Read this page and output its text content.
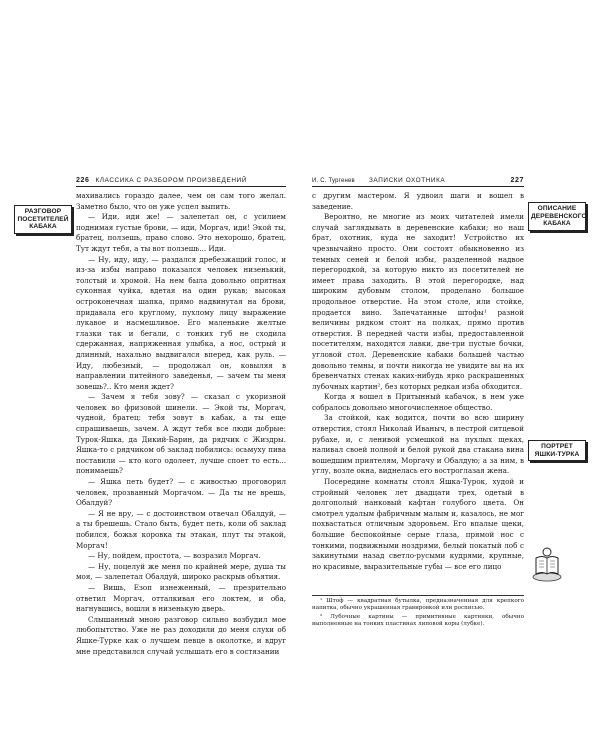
226 КЛАССИКА С РАЗБОРОМ ПРОИЗВЕДЕНИЙ
РАЗГОВОР ПОСЕТИТЕЛЕЙ КАБАКА

махивались гораздо далее, чем он сам того желал. Заметно было, что он уже успел выпить.

— Иди, иди же! — залепетал он, с усилием поднимая густые брови, — иди, Моргач, иди! Экой ты, братец, ползешь, право слово. Это нехорошо, братец. Тут ждут тебя, а ты вот ползешь... Иди.

— Ну, иду, иду, — раздался дребезжащий голос, и из-за избы направо показался человек низенький, толстый и хромой. На нем была довольно опрятная суконная чуйка, вдетая на один рукав; высокая остроконечная шапка, прямо надвинутая на брови, придавала его круглому, пухлому лицу выражение лукавое и насмешливое. Его маленькие желтые глазки так и бегали, с тонких губ не сходила сдержанная, напряженная улыбка, а нос, острый и длинный, нахально выдвигался вперед, как руль. — Иду, любезный, — продолжал он, ковыляя в направлении питейного заведенья, — зачем ты меня зовешь?.. Кто меня ждет?

— Зачем я тебя зову? — сказал с укоризной человек во фризовой шинели. — Экой ты, Моргач, чудной, братец: тебя зовут в кабак, а ты еще спрашиваешь, зачем. А ждут тебя все люди добрые: Турок-Яшка, да Дикий-Барин, да рядчик с Жиздры. Яшка-то с рядчиком об заклад побились: осьмуху пива поставили — кто кого одолеет, лучше споет то есть... понимаешь?

— Яшка петь будет? — с живостью проговорил человек, прозванный Моргачом. — Да ты не врешь, Обалдуй?

— Я не вру, — с достоинством отвечал Обалдуй, — а ты брешешь. Стало быть, будет петь, коли об заклад побился, божья коровка ты этакая, плут ты этакой, Моргач!

— Ну, пойдем, простота, — возразил Моргач.

— Ну, поцелуй же меня по крайней мере, душа ты моя, — залепетал Обалдуй, широко раскрыв объятия.

— Вишь, Езоп изнеженный, — презрительно ответил Моргач, отталкивая его локтем, и оба, нагнувшись, вошли в низенькую дверь.

Слышанный мною разговор сильно возбудил мое любопытство. Уже не раз доходили до меня слухи об Яшке-Турке как о лучшем певце в околотке, и вдруг мне представился случай услышать его в состязании

И. С. Тургенев	ЗАПИСКИ ОХОТНИКА	227

с другим мастером. Я удвоил шаги и вошел в заведение.

Вероятно, не многие из моих читателей имели случай заглядывать в деревенские кабаки; но наш брат, охотник, куда не заходит! Устройство их чрезвычайно просто. Они состоят обыкновенно из темных сеней и белой избы, разделенной надвое перегородкой, за которую никто из посетителей не имеет права заходить. В этой перегородке, над широким дубовым столом, проделано большое продольное отверстие. На этом столе, или стойке, продается вино. Запечатанные штофы¹ разной величины рядком стоят на полках, прямо против отверстия. В передней части избы, предоставленной посетителям, находятся лавки, две-три пустые бочки, угловой стол. Деревенские кабаки большей частью довольно темны, и почти никогда не увидите вы на их бревенчатых стенах каких-нибудь ярко раскрашенных лубочных картин², без которых редкая изба обходится.

Когда я вошел в Притынный кабачок, в нем уже собралось довольно многочисленное общество.

За стойкой, как водится, почти во всю ширину отверстия, стоял Николай Иваныч, в пестрой ситцевой рубахе, и, с ленивой усмешкой на пухлых щеках, наливал своей полной и белой рукой два стакана вина вошедшим приятелям, Моргачу и Обалдую; а за ним, в углу, возле окна, виднелась его востроглазая жена.

Посередине комнаты стоял Яшка-Турок, худой и стройный человек лет двадцати трех, одетый в долгополый нанковый кафтан голубого цвета. Он смотрел удалым фабричным малым и, казалось, не мог похвастаться отличным здоровьем. Его впалые щеки, большие беспокойные серые глаза, прямой нос с тонкими, подвижными ноздрями, белый покатый лоб с закинутыми назад светло-русыми кудрями, крупные, но красивые, выразительные губы — все его лицо

¹ Штоф — квадратная бутылка, предназначенная для крепкого напитка, обычно украшенная гравировкой или росписью.

² Лубочные картины — примитивные картинки, обычно выполненные на тонких пластинах липовой коры (лубке).

ОПИСАНИЕ ДЕРЕВЕНСКОГО КАБАКА
ПОРТРЕТ ЯШКИ-ТУРКА
